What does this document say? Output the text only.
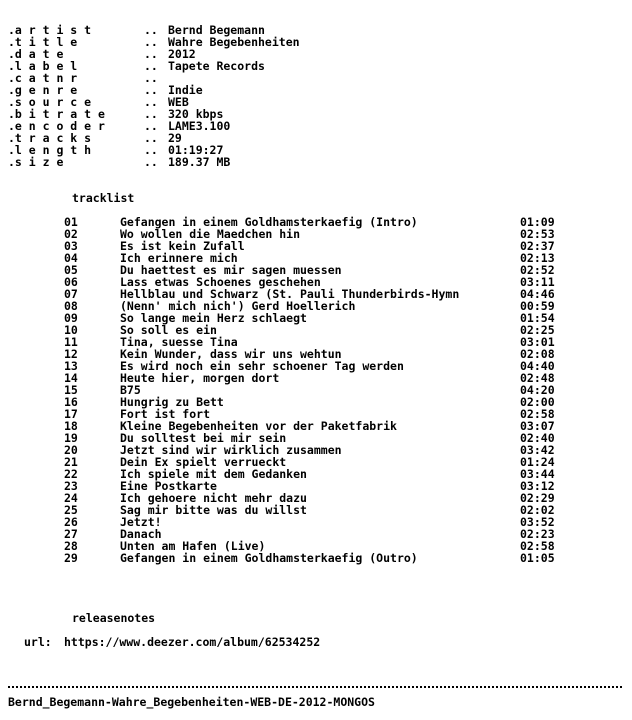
.a r t i s t	.. Bernd Begemann
.t i t l e	.. Wahre Begebenheiten
.d a t e	.. 2012
.l a b e l	.. Tapete Records
.c a t n r	..
.g e n r e	.. Indie
.s o u r c e	.. WEB
.b i t r a t e	.. 320 kbps
.e n c o d e r	.. LAME3.100
.t r a c k s	.. 29
.l e n g t h	.. 01:19:27
.s i z e	.. 189.37 MB
tracklist
01	Gefangen in einem Goldhamsterkaefig (Intro)	01:09
02	Wo wollen die Maedchen hin	02:53
03	Es ist kein Zufall	02:37
04	Ich erinnere mich	02:13
05	Du haettest es mir sagen muessen	02:52
06	Lass etwas Schoenes geschehen	03:11
07	Hellblau und Schwarz (St. Pauli Thunderbirds-Hymn	04:46
08	(Nenn' mich nich') Gerd Hoellerich	00:59
09	So lange mein Herz schlaegt	01:54
10	So soll es ein	02:25
11	Tina, suesse Tina	03:01
12	Kein Wunder, dass wir uns wehtun	02:08
13	Es wird noch ein sehr schoener Tag werden	04:40
14	Heute hier, morgen dort	02:48
15	B75	04:20
16	Hungrig zu Bett	02:00
17	Fort ist fort	02:58
18	Kleine Begebenheiten vor der Paketfabrik	03:07
19	Du solltest bei mir sein	02:40
20	Jetzt sind wir wirklich zusammen	03:42
21	Dein Ex spielt verrueckt	01:24
22	Ich spiele mit dem Gedanken	03:44
23	Eine Postkarte	03:12
24	Ich gehoere nicht mehr dazu	02:29
25	Sag mir bitte was du willst	02:02
26	Jetzt!	03:52
27	Danach	02:23
28	Unten am Hafen (Live)	02:58
29	Gefangen in einem Goldhamsterkaefig (Outro)	01:05
releasenotes

url:

https://www.deezer.com/album/62534252

Bernd_Begemann-Wahre_Begebenheiten-WEB-DE-2012-MONGOS
